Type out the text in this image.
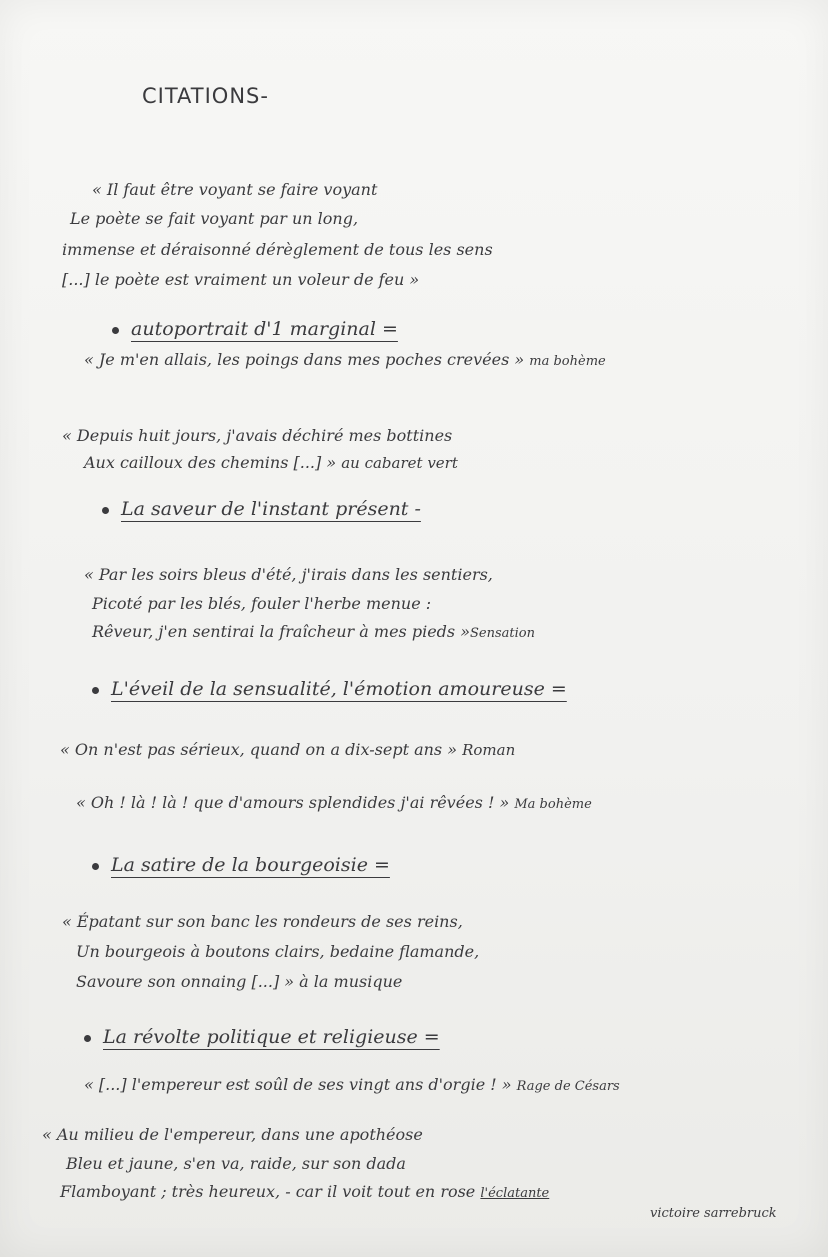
CITATIONS-
« Il faut être voyant se faire voyant
Le poète se fait voyant par un long,
immense et déraisonné dérèglement de tous les sens
[...] le poète est vraiment un voleur de feu »
autoportrait d'1 marginal =
« Je m'en allais, les poings dans mes poches crevées » ma bohème
« Depuis huit jours, j'avais déchiré mes bottines
Aux cailloux des chemins [...] » au cabaret vert
La saveur de l'instant présent -
« Par les soirs bleus d'été, j'irais dans les sentiers,
Picoté par les blés, fouler l'herbe menue :
Rêveur, j'en sentirai la fraîcheur à mes pieds »Sensation
L'éveil de la sensualité, l'émotion amoureuse =
« On n'est pas sérieux, quand on a dix-sept ans » Roman
« Oh ! là ! là ! que d'amours splendides j'ai rêvées ! » Ma bohème
La satire de la bourgeoisie =
« Épatant sur son banc les rondeurs de ses reins,
Un bourgeois à boutons clairs, bedaine flamande,
Savoure son onnaing [...] » à la musique
La révolte politique et religieuse =
« [...] l'empereur est soûl de ses vingt ans d'orgie ! » Rage de Césars
« Au milieu de l'empereur, dans une apothéose
Bleu et jaune, s'en va, raide, sur son dada
Flamboyant ; très heureux, - car il voit tout en rose l'éclatante
victoire sarrebruck
